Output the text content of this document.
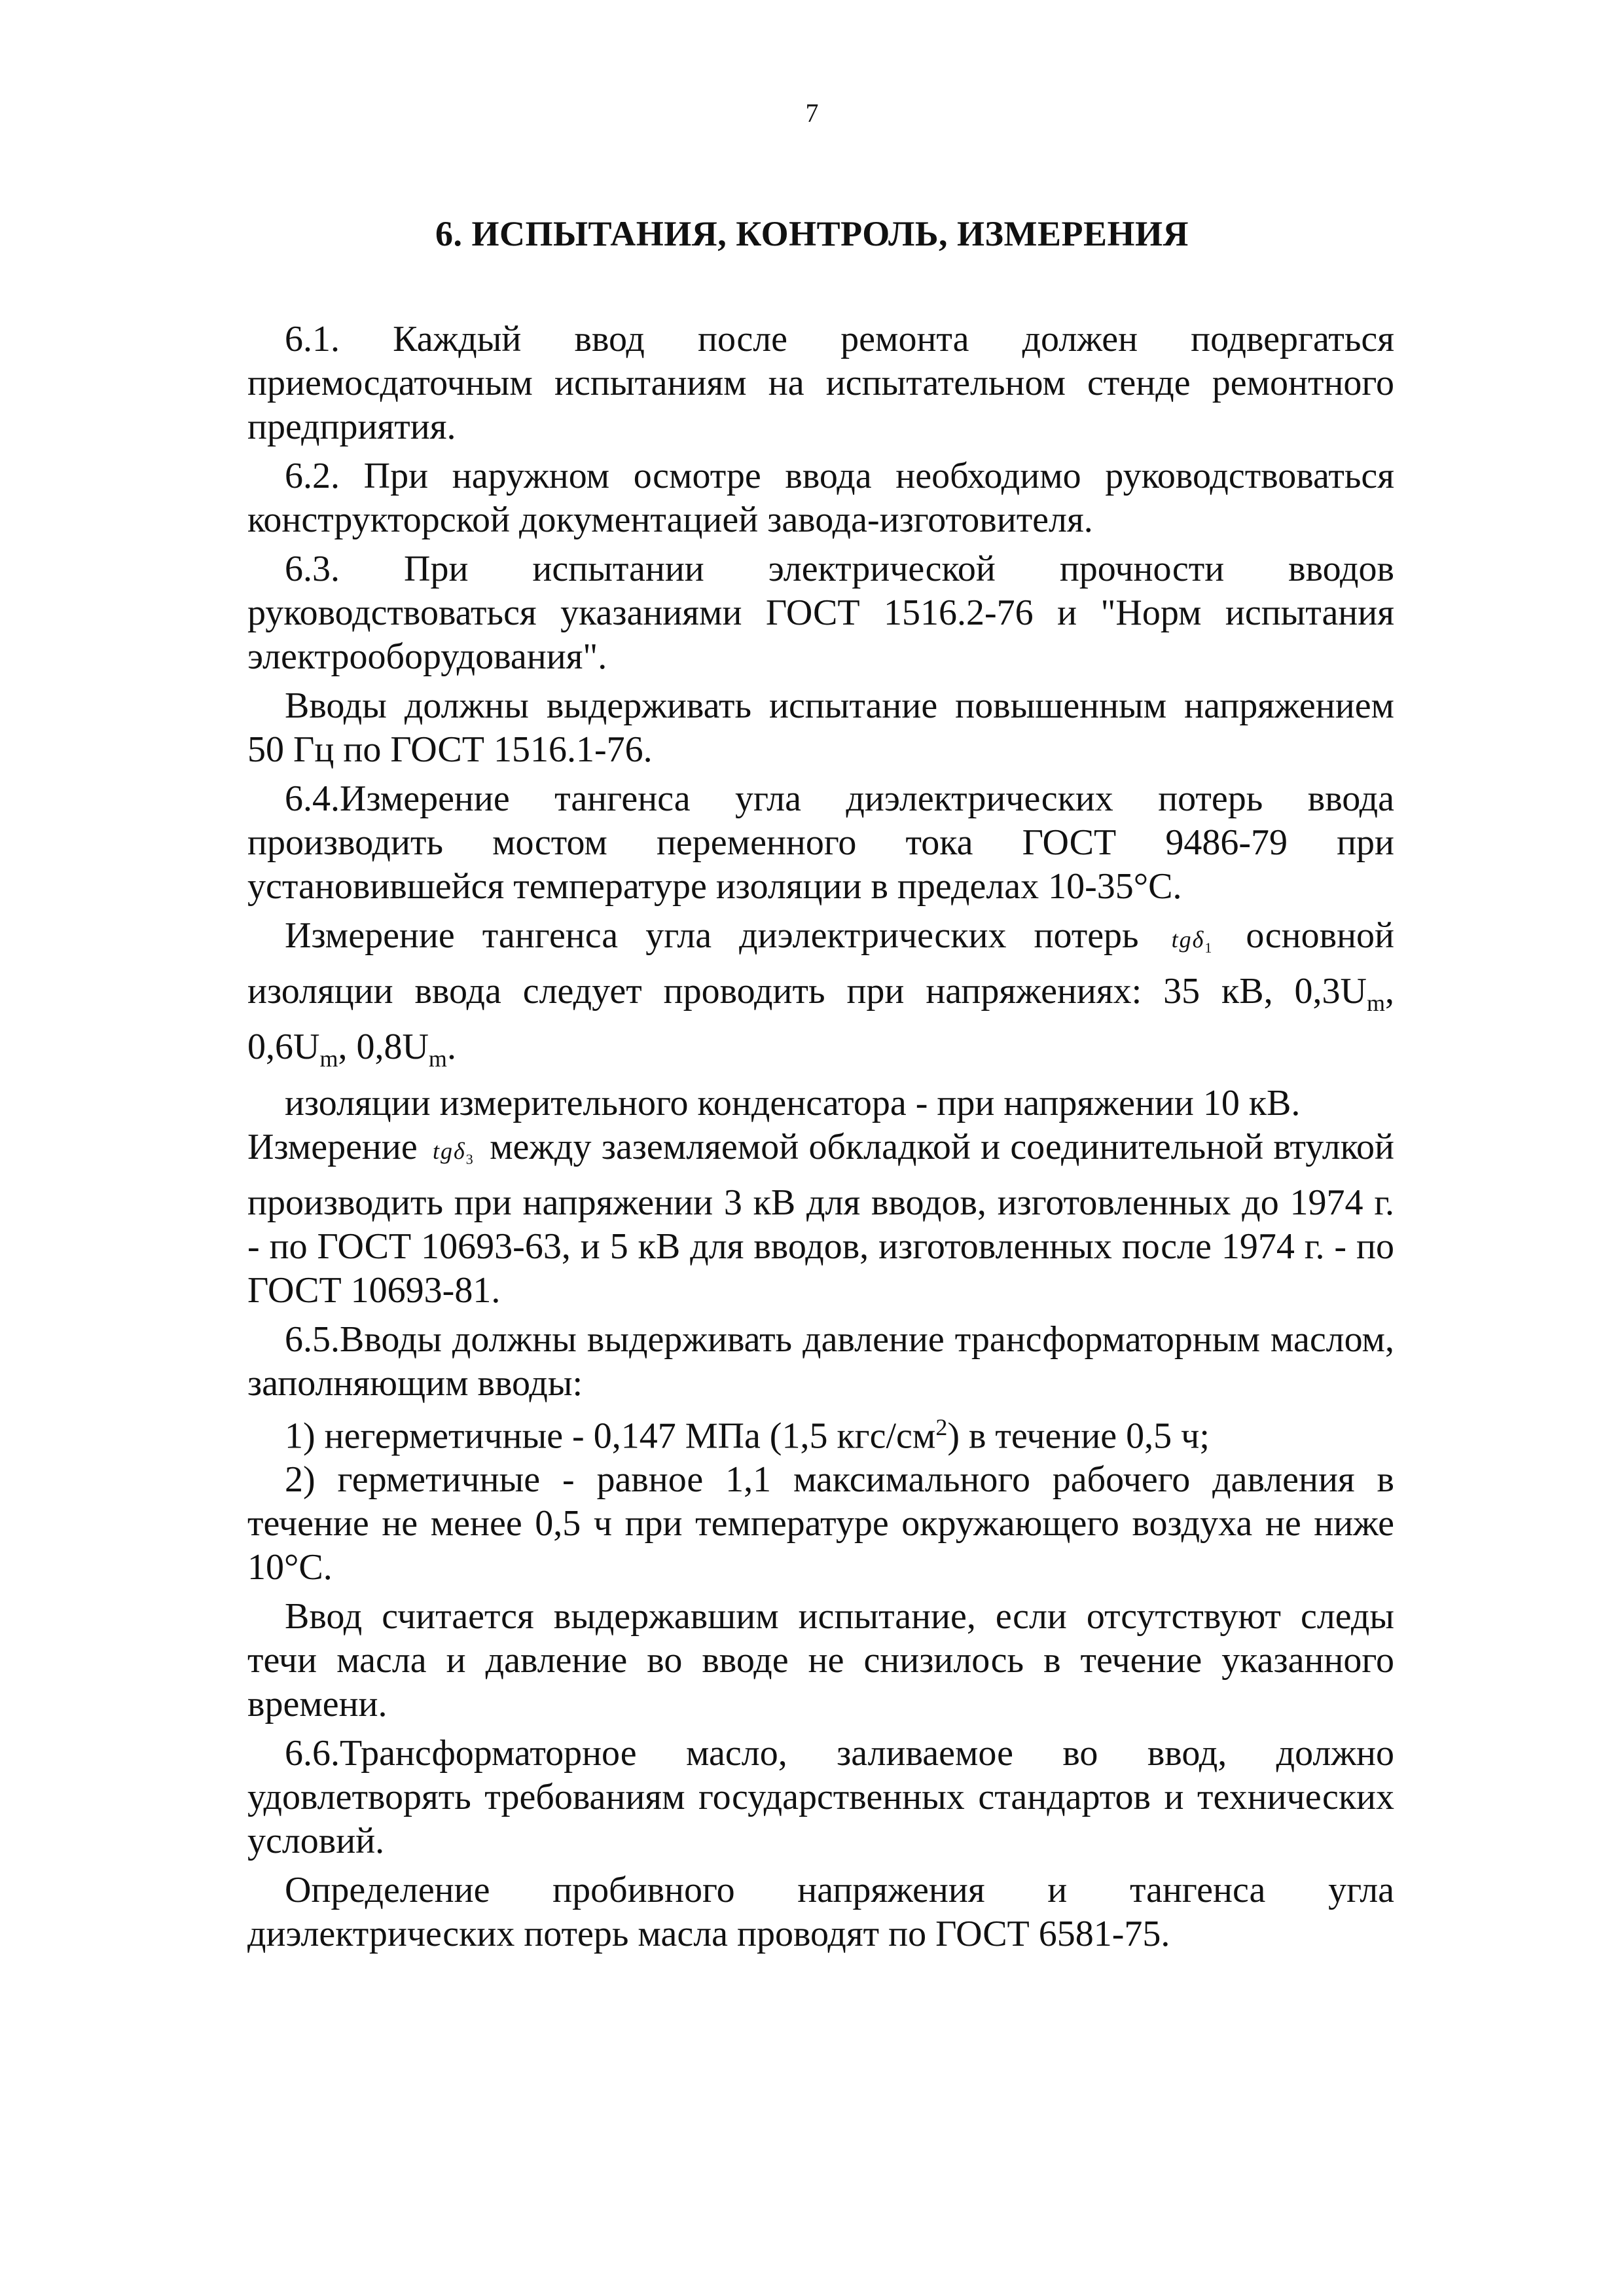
7
6. ИСПЫТАНИЯ, КОНТРОЛЬ, ИЗМЕРЕНИЯ

6.1. Каждый ввод после ремонта должен подвергаться приемосдаточным испытаниям на испытательном стенде ремонтного предприятия.

6.2. При наружном осмотре ввода необходимо руководствоваться конструкторской документацией завода-изготовителя.

6.3. При испытании электрической прочности вводов руководствоваться указаниями ГОСТ 1516.2-76 и "Норм испытания электрооборудования".

Вводы должны выдерживать испытание повышенным напряжением 50 Гц по ГОСТ 1516.1-76.

6.4.Измерение тангенса угла диэлектрических потерь ввода производить мостом переменного тока ГОСТ 9486-79 при установившейся температуре изоляции в пределах 10-35°С.

Измерение тангенса угла диэлектрических потерь tgδ$_1$ основной изоляции ввода следует проводить при напряжениях: 35 кВ, $0,3U_m$, $0,6U_m$, $0,8U_m$.

изоляции измерительного конденсатора - при напряжении 10 кВ.

Измерение tgδ$_3$ между заземляемой обкладкой и соединительной втулкой производить при напряжении 3 кВ для вводов, изготовленных до 1974 г. - по ГОСТ 10693-63, и 5 кВ для вводов, изготовленных после 1974 г. - по ГОСТ 10693-81.

6.5.Вводы должны выдерживать давление трансформаторным маслом, заполняющим вводы:

1) негерметичные - 0,147 МПа (1,5 кгс/$см^2$) в течение 0,5 ч;

2) герметичные - равное 1,1 максимального рабочего давления в течение не менее 0,5 ч при температуре окружающего воздуха не ниже 10°С.

Ввод считается выдержавшим испытание, если отсутствуют следы течи масла и давление во вводе не снизилось в течение указанного времени.

6.6.Трансформаторное масло, заливаемое во ввод, должно удовлетворять требованиям государственных стандартов и технических условий.

Определение пробивного напряжения и тангенса угла диэлектрических потерь масла проводят по ГОСТ 6581-75.
